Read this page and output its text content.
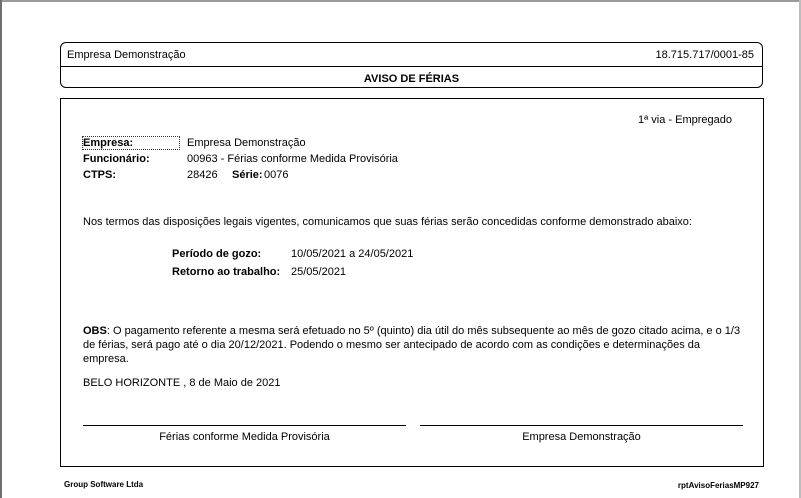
Empresa Demonstração	18.715.717/0001-85
AVISO DE FÉRIAS
1ª via - Empregado
Empresa:	Empresa Demonstração
Funcionário:	00963 - Férias conforme Medida Provisória
CTPS:	28426 Série: 0076
Nos termos das disposições legais vigentes, comunicamos que suas férias serão concedidas conforme demonstrado abaixo:
Período de gozo:	10/05/2021 a 24/05/2021
Retorno ao trabalho: 25/05/2021
OBS: O pagamento referente a mesma será efetuado no 5º (quinto) dia útil do mês subsequente ao mês de gozo citado acima, e o 1/3 de férias, será pago até o dia 20/12/2021. Podendo o mesmo ser antecipado de acordo com as condições e determinações da empresa.
BELO HORIZONTE , 8 de Maio de 2021
Férias conforme Medida Provisória	Empresa Demonstração
Group Software Ltda	rptAvisoFeriasMP927
